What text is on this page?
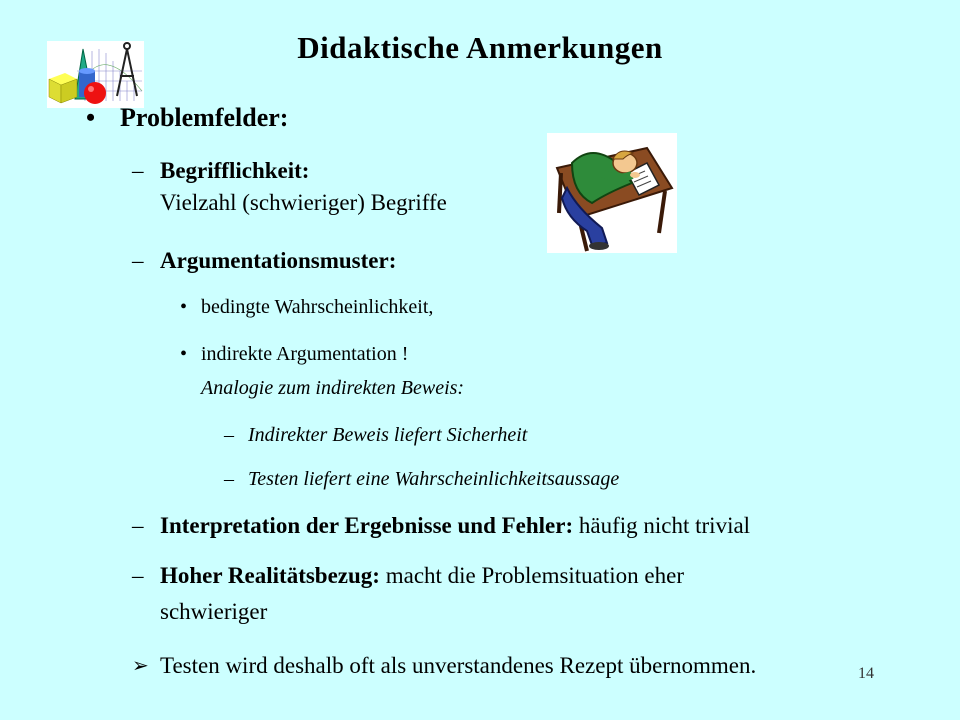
Didaktische Anmerkungen
• Problemfelder:
– Begrifflichkeit:
Vielzahl (schwieriger) Begriffe
– Argumentationsmuster:
• bedingte Wahrscheinlichkeit,
• indirekte Argumentation !
Analogie zum indirekten Beweis:
– Indirekter Beweis liefert Sicherheit
– Testen liefert eine Wahrscheinlichkeitsaussage
– Interpretation der Ergebnisse und Fehler: häufig nicht trivial
– Hoher Realitätsbezug: macht die Problemsituation eher
schwieriger
➢ Testen wird deshalb oft als unverstandenes Rezept übernommen.	14
